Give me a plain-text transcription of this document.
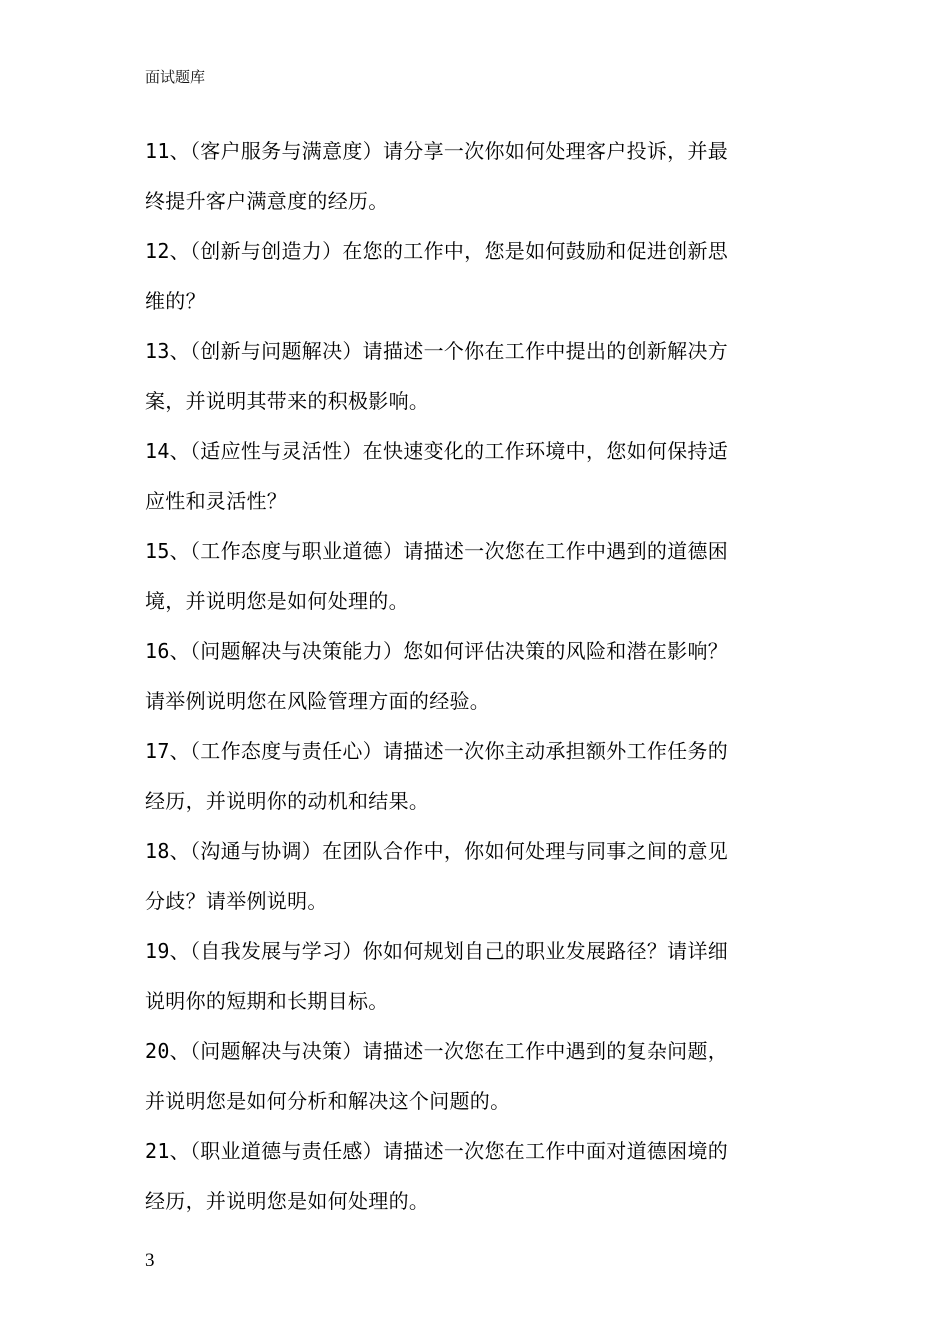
面试题库
11、（客户服务与满意度）请分享一次你如何处理客户投诉，并最
终提升客户满意度的经历。
12、（创新与创造力）在您的工作中，您是如何鼓励和促进创新思
维的？
13、（创新与问题解决）请描述一个你在工作中提出的创新解决方
案，并说明其带来的积极影响。
14、（适应性与灵活性）在快速变化的工作环境中，您如何保持适
应性和灵活性？
15、（工作态度与职业道德）请描述一次您在工作中遇到的道德困
境，并说明您是如何处理的。
16、（问题解决与决策能力）您如何评估决策的风险和潜在影响？
请举例说明您在风险管理方面的经验。
17、（工作态度与责任心）请描述一次你主动承担额外工作任务的
经历，并说明你的动机和结果。
18、（沟通与协调）在团队合作中，你如何处理与同事之间的意见
分歧？请举例说明。
19、（自我发展与学习）你如何规划自己的职业发展路径？请详细
说明你的短期和长期目标。
20、（问题解决与决策）请描述一次您在工作中遇到的复杂问题，
并说明您是如何分析和解决这个问题的。
21、（职业道德与责任感）请描述一次您在工作中面对道德困境的
经历，并说明您是如何处理的。
3
